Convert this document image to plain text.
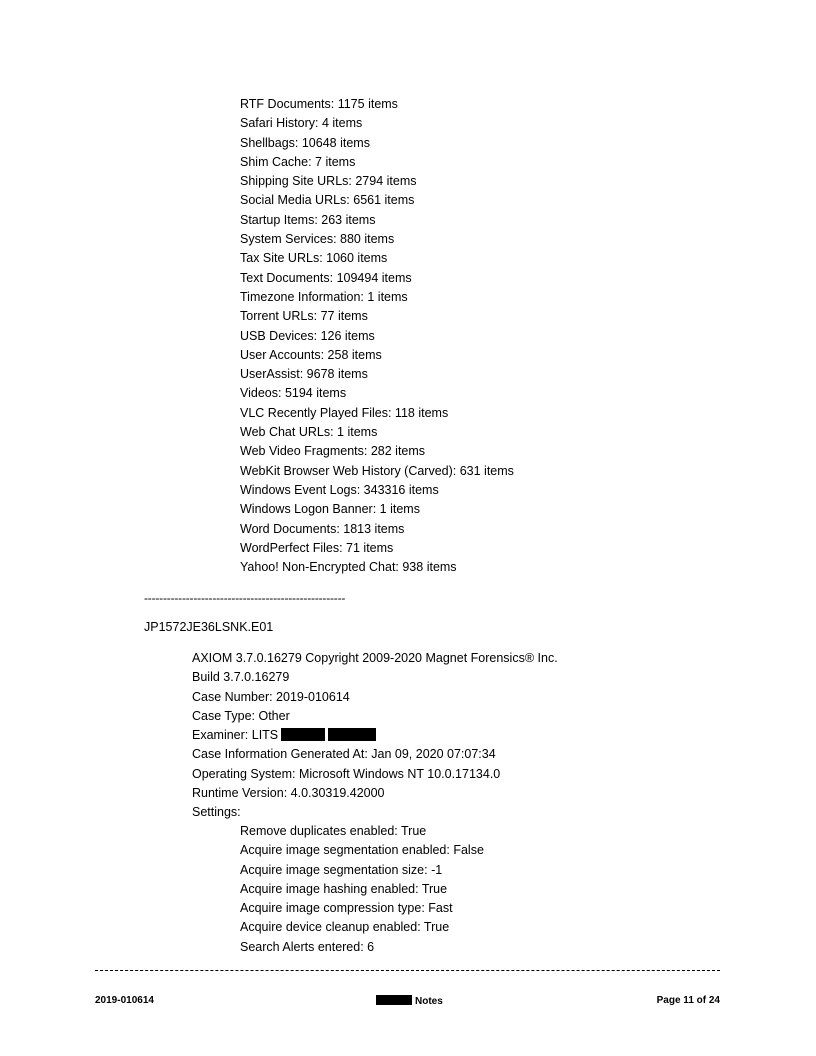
RTF Documents: 1175 items
Safari History: 4 items
Shellbags: 10648 items
Shim Cache: 7 items
Shipping Site URLs: 2794 items
Social Media URLs: 6561 items
Startup Items: 263 items
System Services: 880 items
Tax Site URLs: 1060 items
Text Documents: 109494 items
Timezone Information: 1 items
Torrent URLs: 77 items
USB Devices: 126 items
User Accounts: 258 items
UserAssist: 9678 items
Videos: 5194 items
VLC Recently Played Files: 118 items
Web Chat URLs: 1 items
Web Video Fragments: 282 items
WebKit Browser Web History (Carved): 631 items
Windows Event Logs: 343316 items
Windows Logon Banner: 1 items
Word Documents: 1813 items
WordPerfect Files: 71 items
Yahoo! Non-Encrypted Chat: 938 items
-----------------------------------------------------
JP1572JE36LSNK.E01
AXIOM 3.7.0.16279 Copyright 2009-2020 Magnet Forensics® Inc.
Build 3.7.0.16279
Case Number: 2019-010614
Case Type: Other
Examiner: LITS
Case Information Generated At: Jan 09, 2020 07:07:34
Operating System: Microsoft Windows NT 10.0.17134.0
Runtime Version: 4.0.30319.42000
Settings:
Remove duplicates enabled: True
Acquire image segmentation enabled: False
Acquire image segmentation size: -1
Acquire image hashing enabled: True
Acquire image compression type: Fast
Acquire device cleanup enabled: True
Search Alerts entered: 6
2019-010614	Notes	Page 11 of 24
